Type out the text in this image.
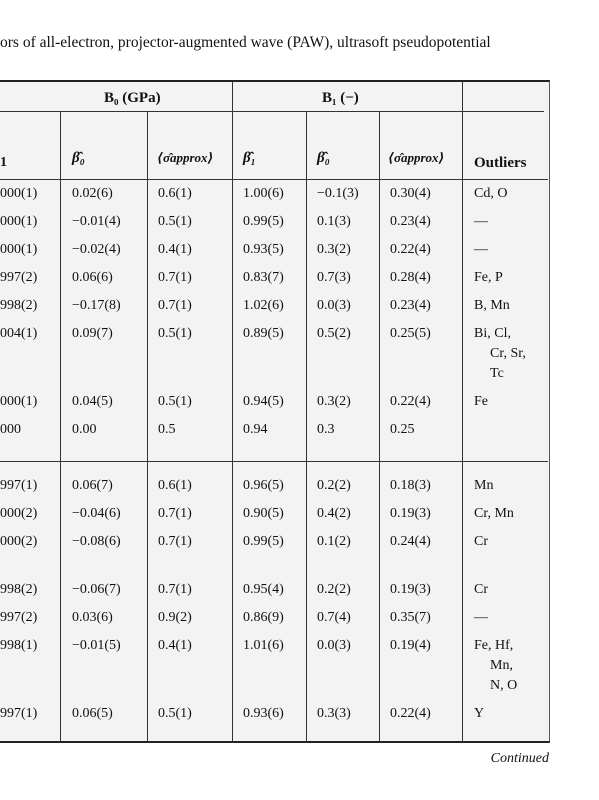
ors of all-electron, projector-augmented wave (PAW), ultrasoft pseudopotential
B₀ (GPa)	B₁ (−)
1	β̂₀	⟨σ̂approx⟩ β̂₁	β̂₀	⟨σ̂approx⟩ Outliers
000(1) 0.02(6)	0.6(1)	1.00(6) −0.1(3) 0.30(4)	Cd, O
000(1) −0.01(4)	0.5(1)	0.99(5) 0.1(3)	0.23(4)	—
000(1) −0.02(4)	0.4(1)	0.93(5) 0.3(2)	0.22(4)	—
997(2) 0.06(6)	0.7(1)	0.83(7) 0.7(3)	0.28(4)	Fe, P
998(2) −0.17(8)	0.7(1)	1.02(6) 0.0(3)	0.23(4)	B, Mn
004(1) 0.09(7)	0.5(1)	0.89(5) 0.5(2)	0.25(5)	Bi, Cl,
Cr, Sr,
Tc
000(1) 0.04(5)	0.5(1)	0.94(5) 0.3(2)	0.22(4)	Fe
000	0.00	0.5	0.94	0.3	0.25
997(1) 0.06(7)	0.6(1)	0.96(5) 0.2(2)	0.18(3)	Mn
000(2) −0.04(6)	0.7(1)	0.90(5) 0.4(2)	0.19(3)	Cr, Mn
000(2) −0.08(6)	0.7(1)	0.99(5) 0.1(2)	0.24(4)	Cr
998(2) −0.06(7)	0.7(1)	0.95(4) 0.2(2)	0.19(3)	Cr
997(2) 0.03(6)	0.9(2)	0.86(9) 0.7(4)	0.35(7)	—
998(1) −0.01(5)	0.4(1)	1.01(6) 0.0(3)	0.19(4)	Fe, Hf,
Mn,
N, O
997(1) 0.06(5)	0.5(1)	0.93(6) 0.3(3)	0.22(4)	Y
Continued
